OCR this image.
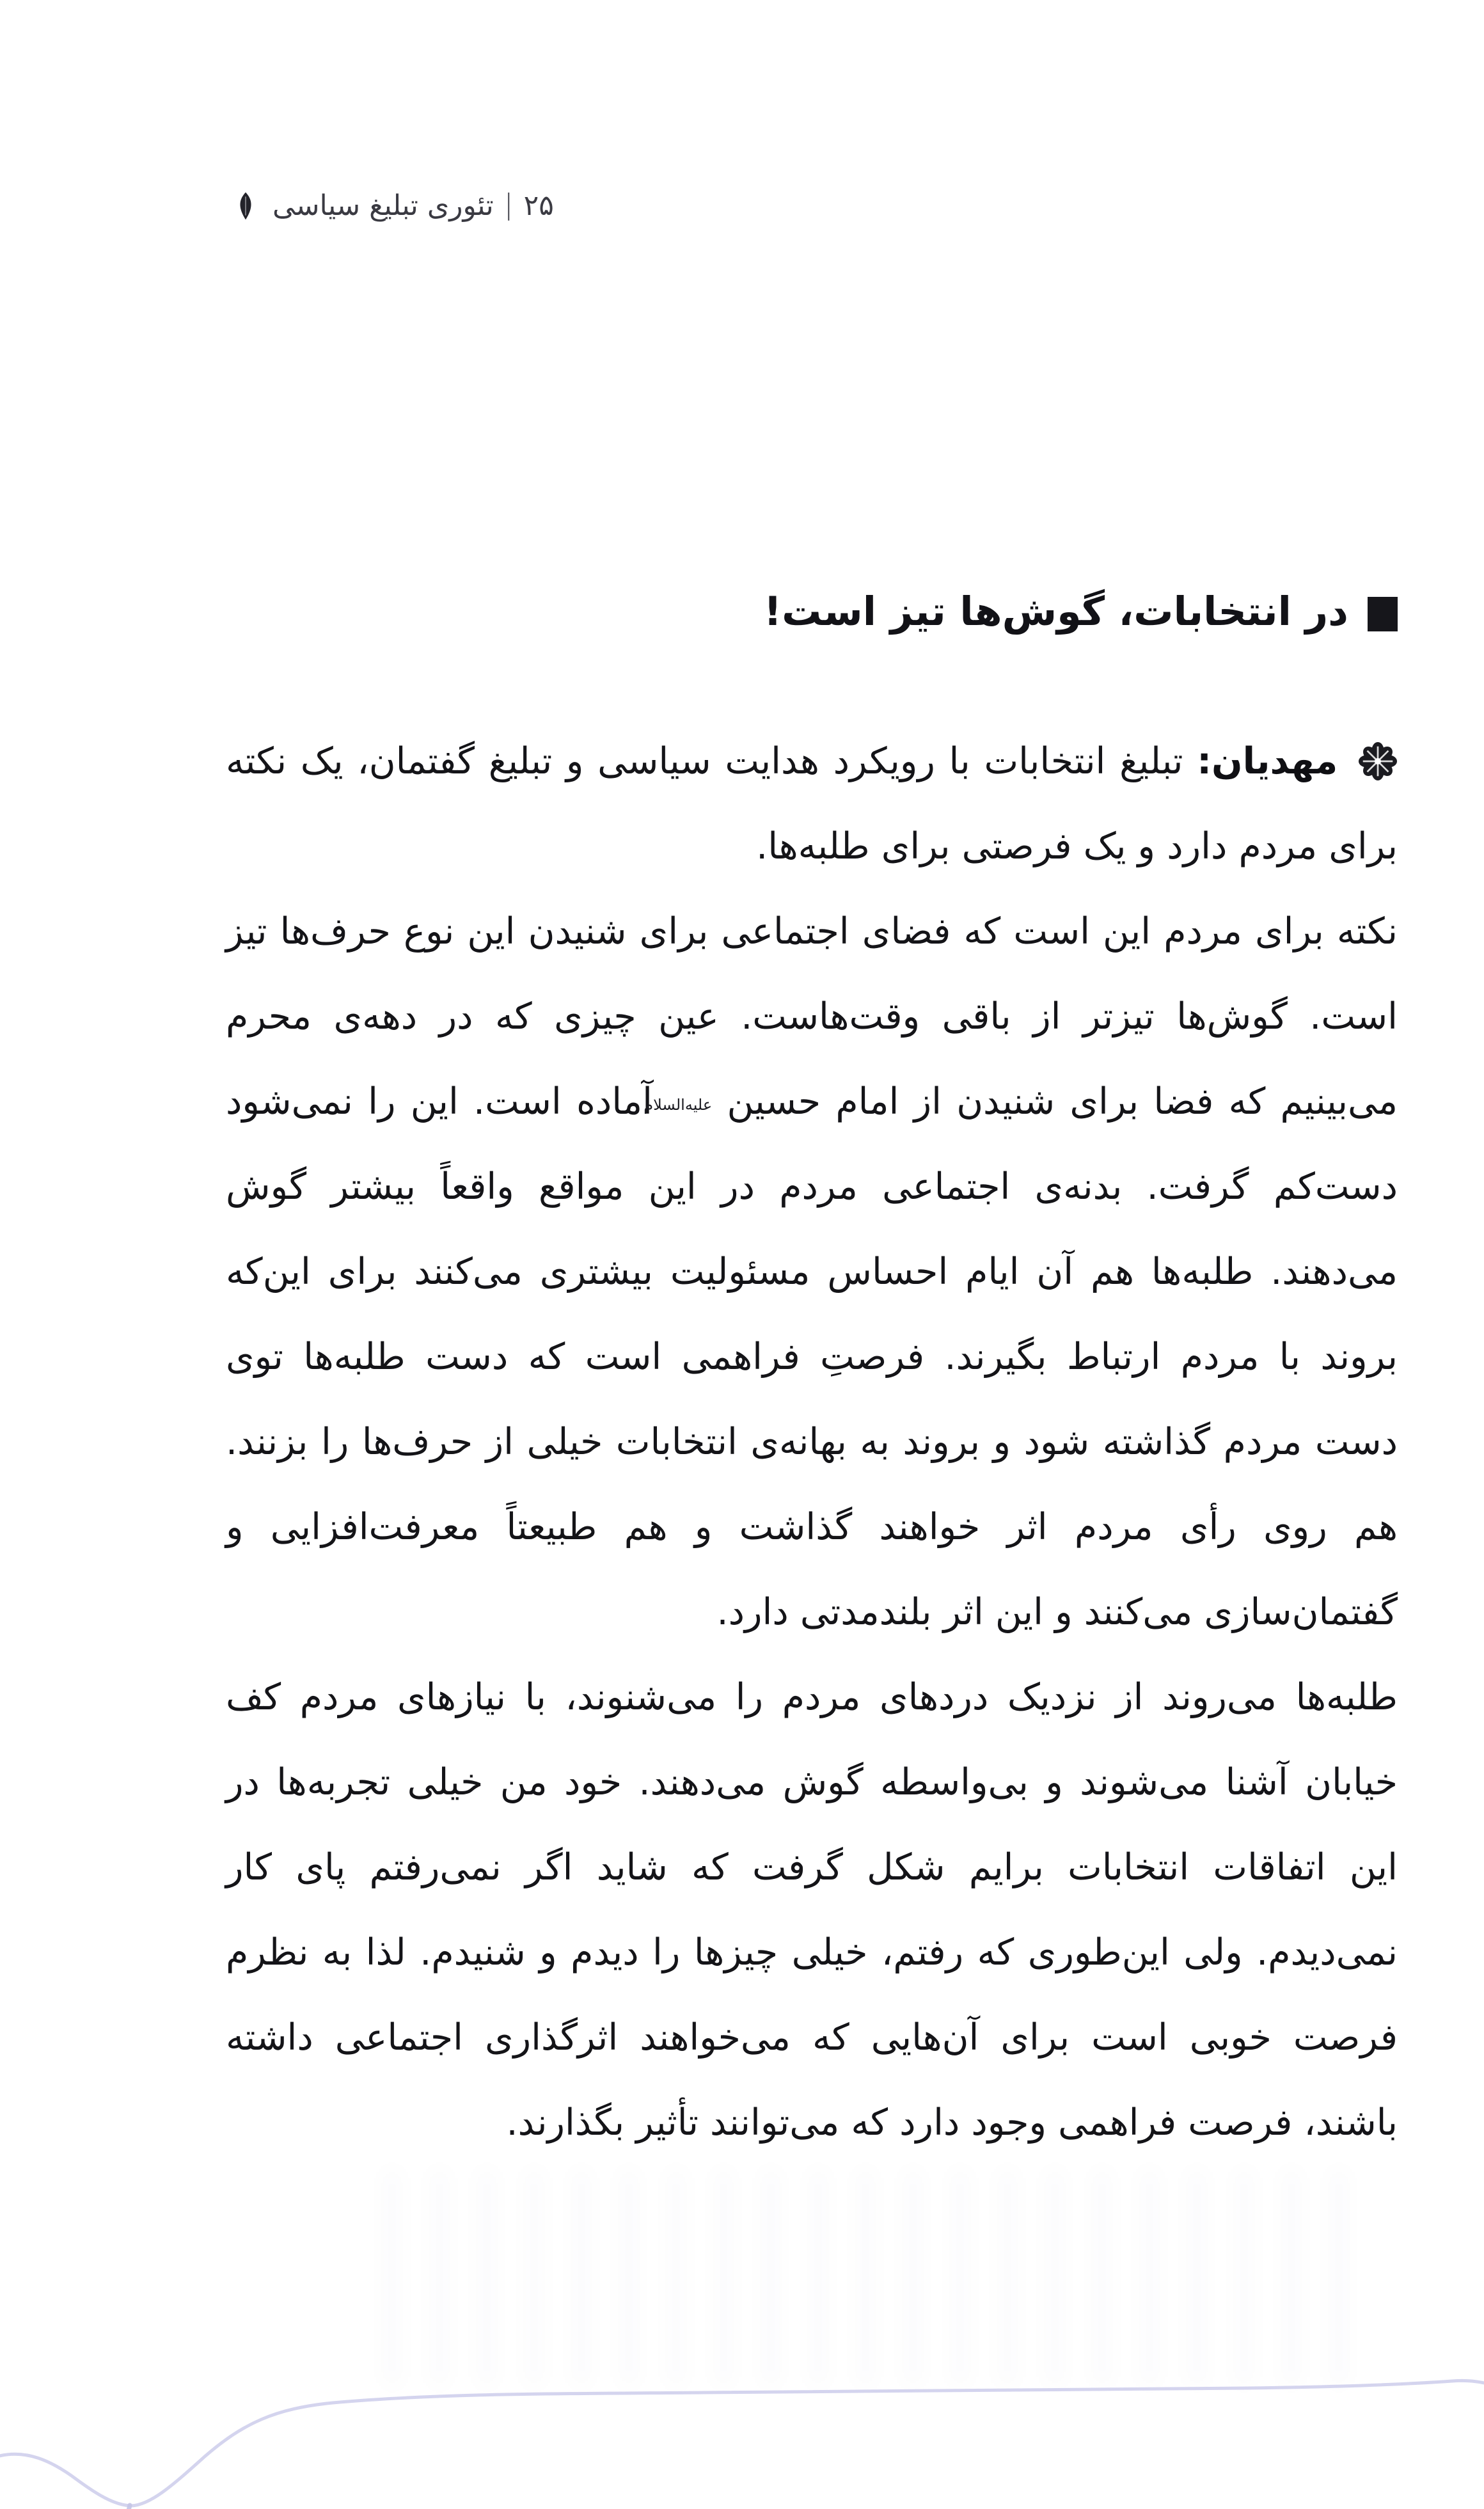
۲۵
|
تئوری تبلیغ سیاسی
در انتخابات، گوش‌ها تیز است!

مهدیان: تبلیغ انتخابات با رویکرد هدایت سیاسی و تبلیغ گفتمان، یک نکته برای مردم دارد و یک فرصتی برای طلبه‌ها.

نکته برای مردم این است که فضای اجتماعی برای شنیدن این نوع حرف‌ها تیز است. گوش‌ها تیزتر از باقی وقت‌هاست. عین چیزی که در دهه‌ی محرم می‌بینیم که فضا برای شنیدن از امام حسین علیه‌السلام آماده است. این را نمی‌شود دست‌کم گرفت. بدنه‌ی اجتماعی مردم در این مواقع واقعاً بیشتر گوش می‌دهند. طلبه‌ها هم آن ایام احساس مسئولیت بیشتری می‌کنند برای این‌که بروند با مردم ارتباط بگیرند. فرصتِ فراهمی است که دست طلبه‌ها توی دست مردم گذاشته شود و بروند به بهانه‌ی انتخابات خیلی از حرف‌ها را بزنند. هم روی رأی مردم اثر خواهند گذاشت و هم طبیعتاً معرفت‌افزایی و گفتمان‌سازی می‌کنند و این اثر بلندمدتی دارد.

طلبه‌ها می‌روند از نزدیک دردهای مردم را می‌شنوند، با نیازهای مردم کف خیابان آشنا می‌شوند و بی‌واسطه گوش می‌دهند. خود من خیلی تجربه‌ها در این اتفاقات انتخابات برایم شکل گرفت که شاید اگر نمی‌رفتم پای کار نمی‌دیدم. ولی این‌طوری که رفتم، خیلی چیزها را دیدم و شنیدم. لذا به نظرم فرصت خوبی است برای آن‌هایی که می‌خواهند اثرگذاری اجتماعی داشته باشند، فرصت فراهمی وجود دارد که می‌توانند تأثیر بگذارند.
